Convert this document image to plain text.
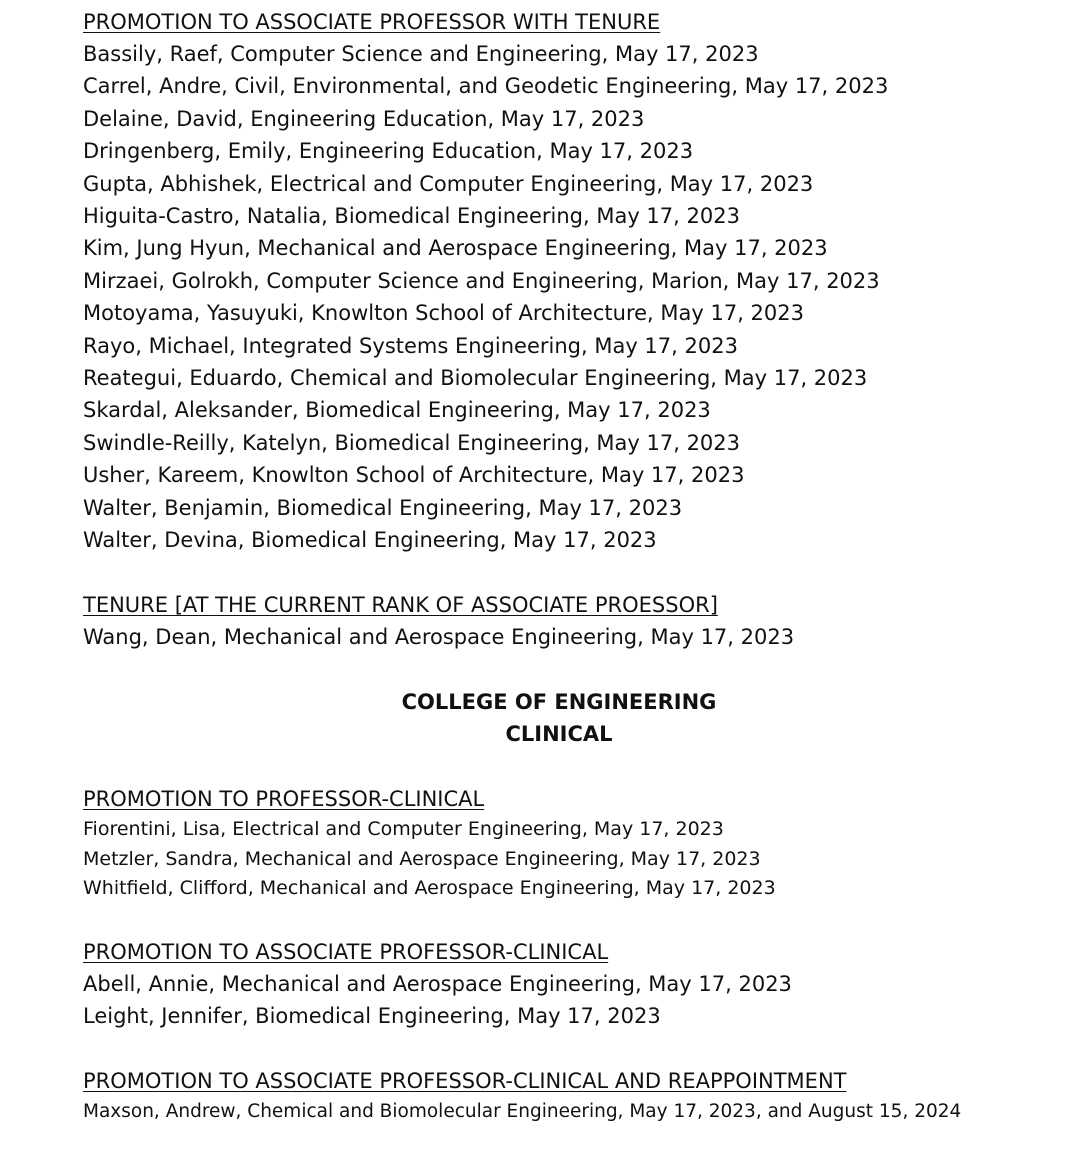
PROMOTION TO ASSOCIATE PROFESSOR WITH TENURE
Bassily, Raef, Computer Science and Engineering, May 17, 2023
Carrel, Andre, Civil, Environmental, and Geodetic Engineering, May 17, 2023
Delaine, David, Engineering Education, May 17, 2023
Dringenberg, Emily, Engineering Education, May 17, 2023
Gupta, Abhishek, Electrical and Computer Engineering, May 17, 2023
Higuita-Castro, Natalia, Biomedical Engineering, May 17, 2023
Kim, Jung Hyun, Mechanical and Aerospace Engineering, May 17, 2023
Mirzaei, Golrokh, Computer Science and Engineering, Marion, May 17, 2023
Motoyama, Yasuyuki, Knowlton School of Architecture, May 17, 2023
Rayo, Michael, Integrated Systems Engineering, May 17, 2023
Reategui, Eduardo, Chemical and Biomolecular Engineering, May 17, 2023
Skardal, Aleksander, Biomedical Engineering, May 17, 2023
Swindle-Reilly, Katelyn, Biomedical Engineering, May 17, 2023
Usher, Kareem, Knowlton School of Architecture, May 17, 2023
Walter, Benjamin, Biomedical Engineering, May 17, 2023
Walter, Devina, Biomedical Engineering, May 17, 2023
TENURE [AT THE CURRENT RANK OF ASSOCIATE PROESSOR]
Wang, Dean, Mechanical and Aerospace Engineering, May 17, 2023
COLLEGE OF ENGINEERING
CLINICAL
PROMOTION TO PROFESSOR-CLINICAL
Fiorentini, Lisa, Electrical and Computer Engineering, May 17, 2023
Metzler, Sandra, Mechanical and Aerospace Engineering, May 17, 2023
Whitfield, Clifford, Mechanical and Aerospace Engineering, May 17, 2023
PROMOTION TO ASSOCIATE PROFESSOR-CLINICAL
Abell, Annie, Mechanical and Aerospace Engineering, May 17, 2023
Leight, Jennifer, Biomedical Engineering, May 17, 2023
PROMOTION TO ASSOCIATE PROFESSOR-CLINICAL AND REAPPOINTMENT
Maxson, Andrew, Chemical and Biomolecular Engineering, May 17, 2023, and August 15, 2024
